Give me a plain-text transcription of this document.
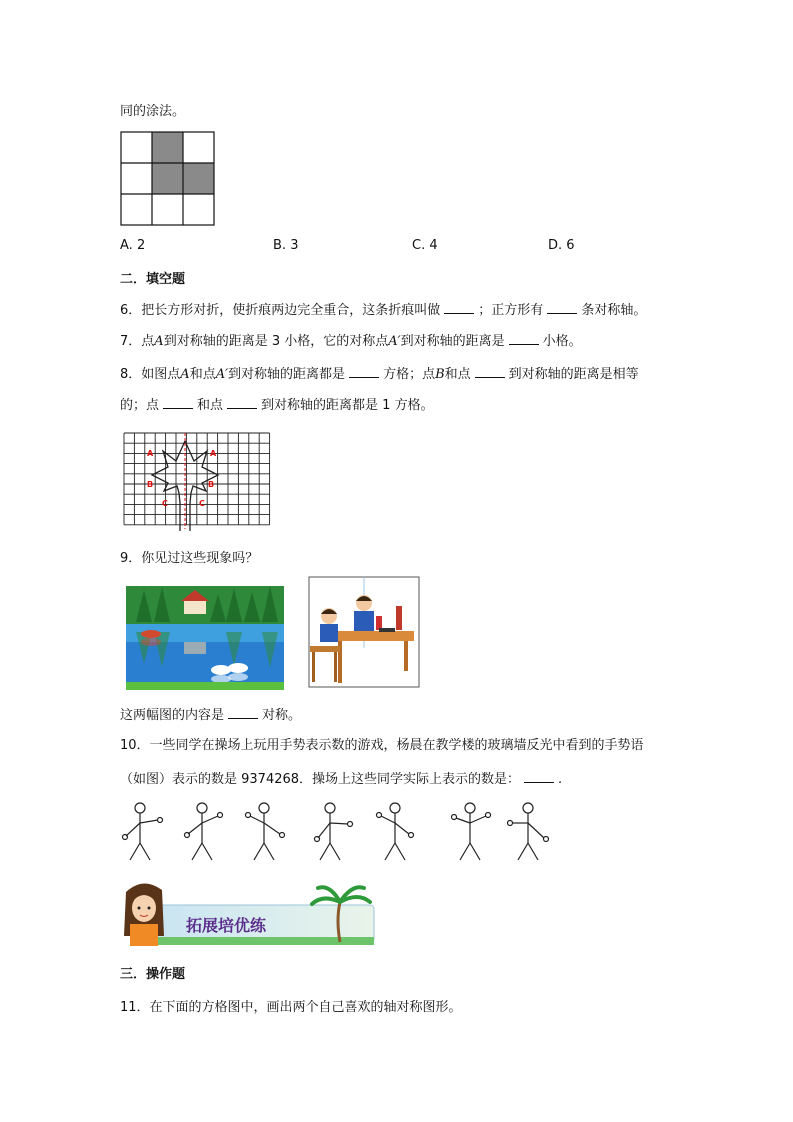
同的涂法。
A. 2	B. 3	C. 4	D. 6
二．填空题
6．把长方形对折，使折痕两边完全重合，这条折痕叫做	；正方形有	条对称轴。
7．点A到对称轴的距离是 3 小格，它的对称点A′到对称轴的距离是	小格。
8．如图点A和点A′到对称轴的距离都是	方格；点B和点	到对称轴的距离是相等
的；点	和点	到对称轴的距离都是 1 方格。
A	A
B	B
C	C
9．你见过这些现象吗？
这两幅图的内容是	对称。
10．一些同学在操场上玩用手势表示数的游戏，杨晨在教学楼的玻璃墙反光中看到的手势语
（如图）表示的数是 9374268．操场上这些同学实际上表示的数是：	.
拓展培优练
三．操作题
11．在下面的方格图中，画出两个自己喜欢的轴对称图形。
